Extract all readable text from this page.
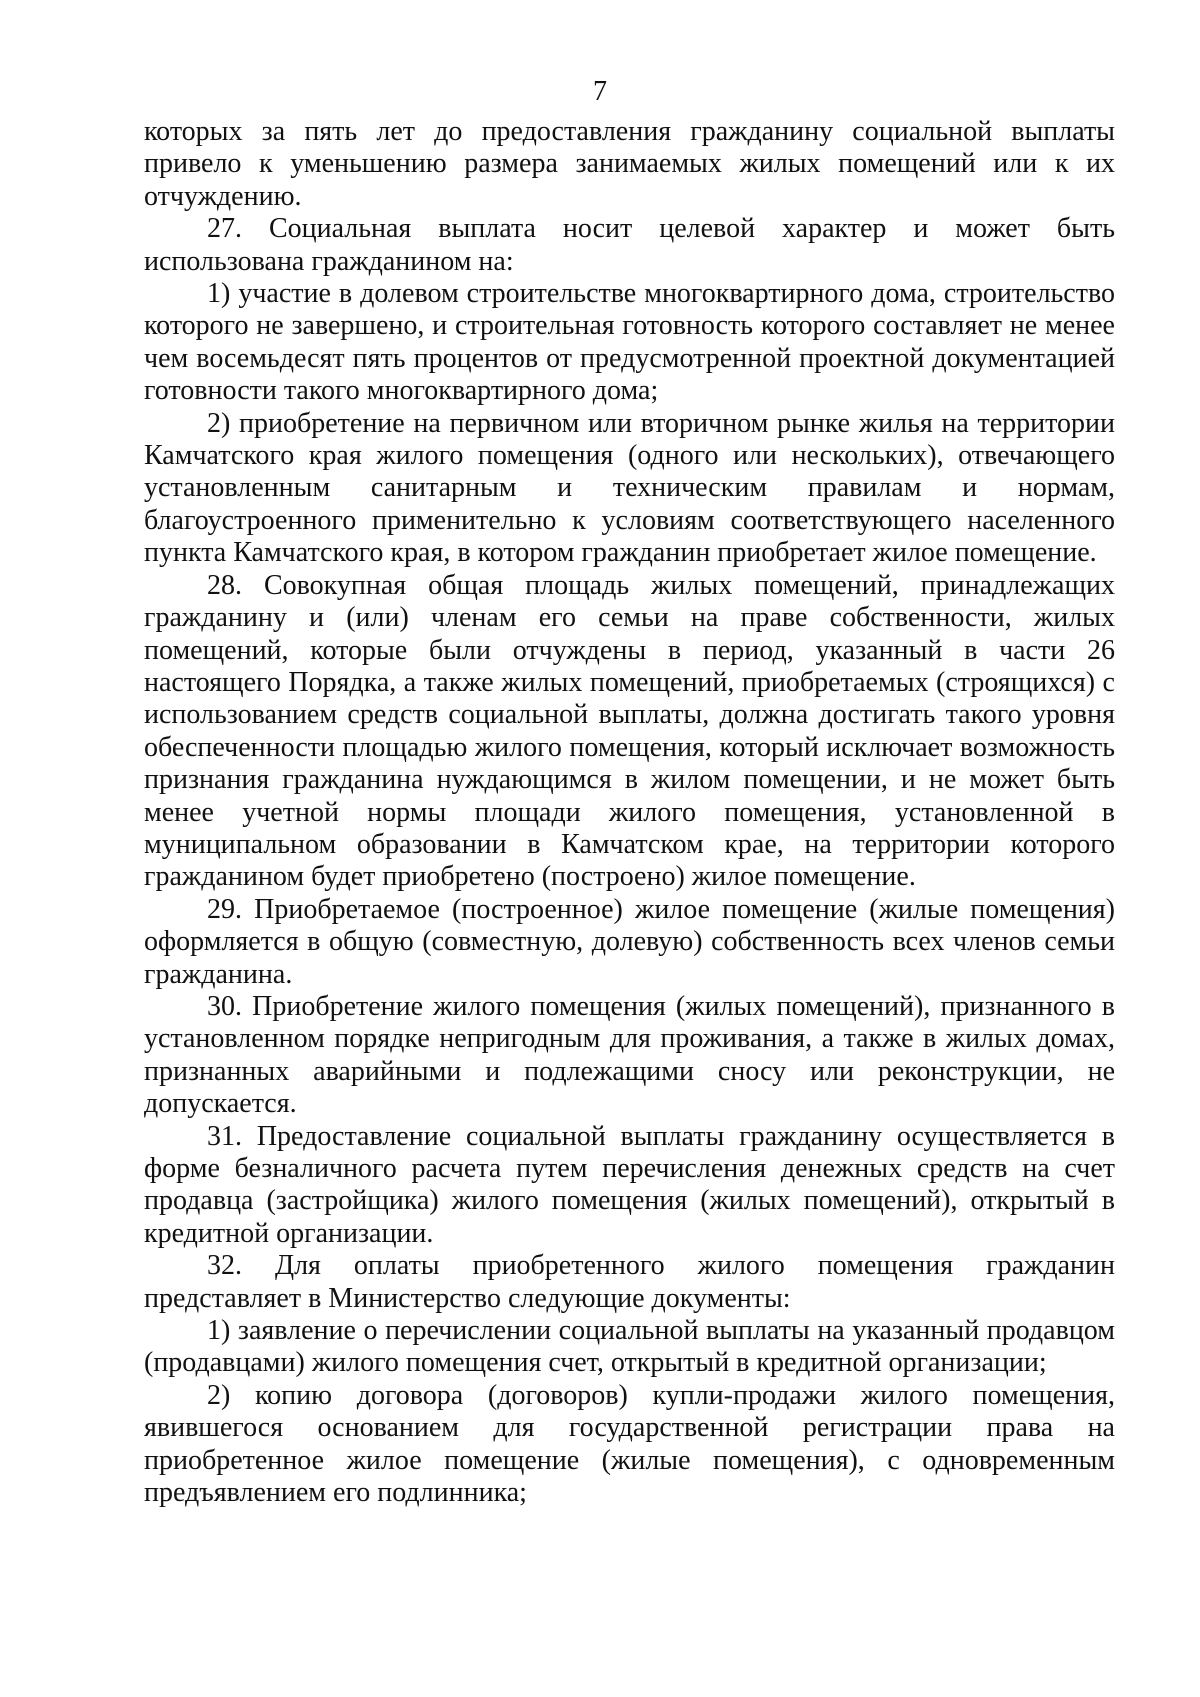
7

которых за пять лет до предоставления гражданину социальной выплаты привело к уменьшению размера занимаемых жилых помещений или к их отчуждению.

27. Социальная выплата носит целевой характер и может быть использована гражданином на:

1) участие в долевом строительстве многоквартирного дома, строительство которого не завершено, и строительная готовность которого составляет не менее чем восемьдесят пять процентов от предусмотренной проектной документацией готовности такого многоквартирного дома;

2) приобретение на первичном или вторичном рынке жилья на территории Камчатского края жилого помещения (одного или нескольких), отвечающего установленным санитарным и техническим правилам и нормам, благоустроенного применительно к условиям соответствующего населенного пункта Камчатского края, в котором гражданин приобретает жилое помещение.

28. Совокупная общая площадь жилых помещений, принадлежащих гражданину и (или) членам его семьи на праве собственности, жилых помещений, которые были отчуждены в период, указанный в части 26 настоящего Порядка, а также жилых помещений, приобретаемых (строящихся) с использованием средств социальной выплаты, должна достигать такого уровня обеспеченности площадью жилого помещения, который исключает возможность признания гражданина нуждающимся в жилом помещении, и не может быть менее учетной нормы площади жилого помещения, установленной в муниципальном образовании в Камчатском крае, на территории которого гражданином будет приобретено (построено) жилое помещение.

29. Приобретаемое (построенное) жилое помещение (жилые помещения) оформляется в общую (совместную, долевую) собственность всех членов семьи гражданина.

30. Приобретение жилого помещения (жилых помещений), признанного в установленном порядке непригодным для проживания, а также в жилых домах, признанных аварийными и подлежащими сносу или реконструкции, не допускается.

31. Предоставление социальной выплаты гражданину осуществляется в форме безналичного расчета путем перечисления денежных средств на счет продавца (застройщика) жилого помещения (жилых помещений), открытый в кредитной организации.

32. Для оплаты приобретенного жилого помещения гражданин представляет в Министерство следующие документы:

1) заявление о перечислении социальной выплаты на указанный продавцом (продавцами) жилого помещения счет, открытый в кредитной организации;

2) копию договора (договоров) купли-продажи жилого помещения, явившегося основанием для государственной регистрации права на приобретенное жилое помещение (жилые помещения), с одновременным предъявлением его подлинника;
